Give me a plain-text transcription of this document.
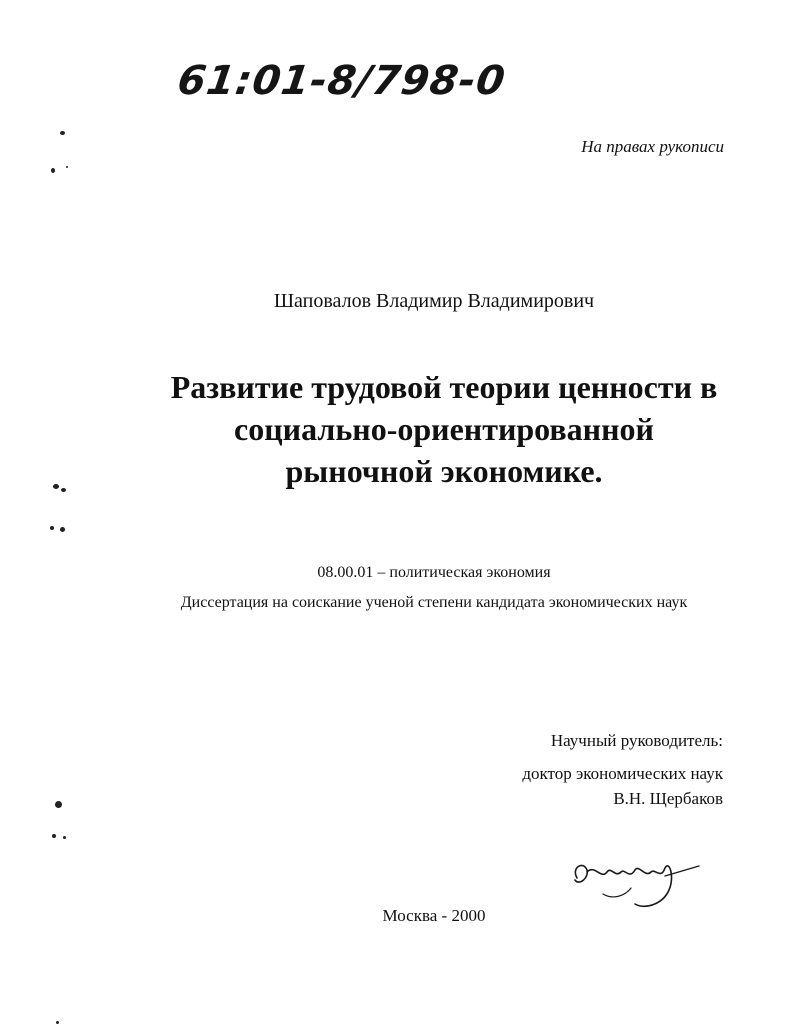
61:01-8/798-0
На правах рукописи
Шаповалов Владимир Владимирович
Развитие трудовой теории ценности в
социально-ориентированной
рыночной экономике.
08.00.01 – политическая экономия
Диссертация на соискание ученой степени кандидата экономических наук
Научный руководитель:
доктор экономических наук
В.Н. Щербаков
Москва - 2000
